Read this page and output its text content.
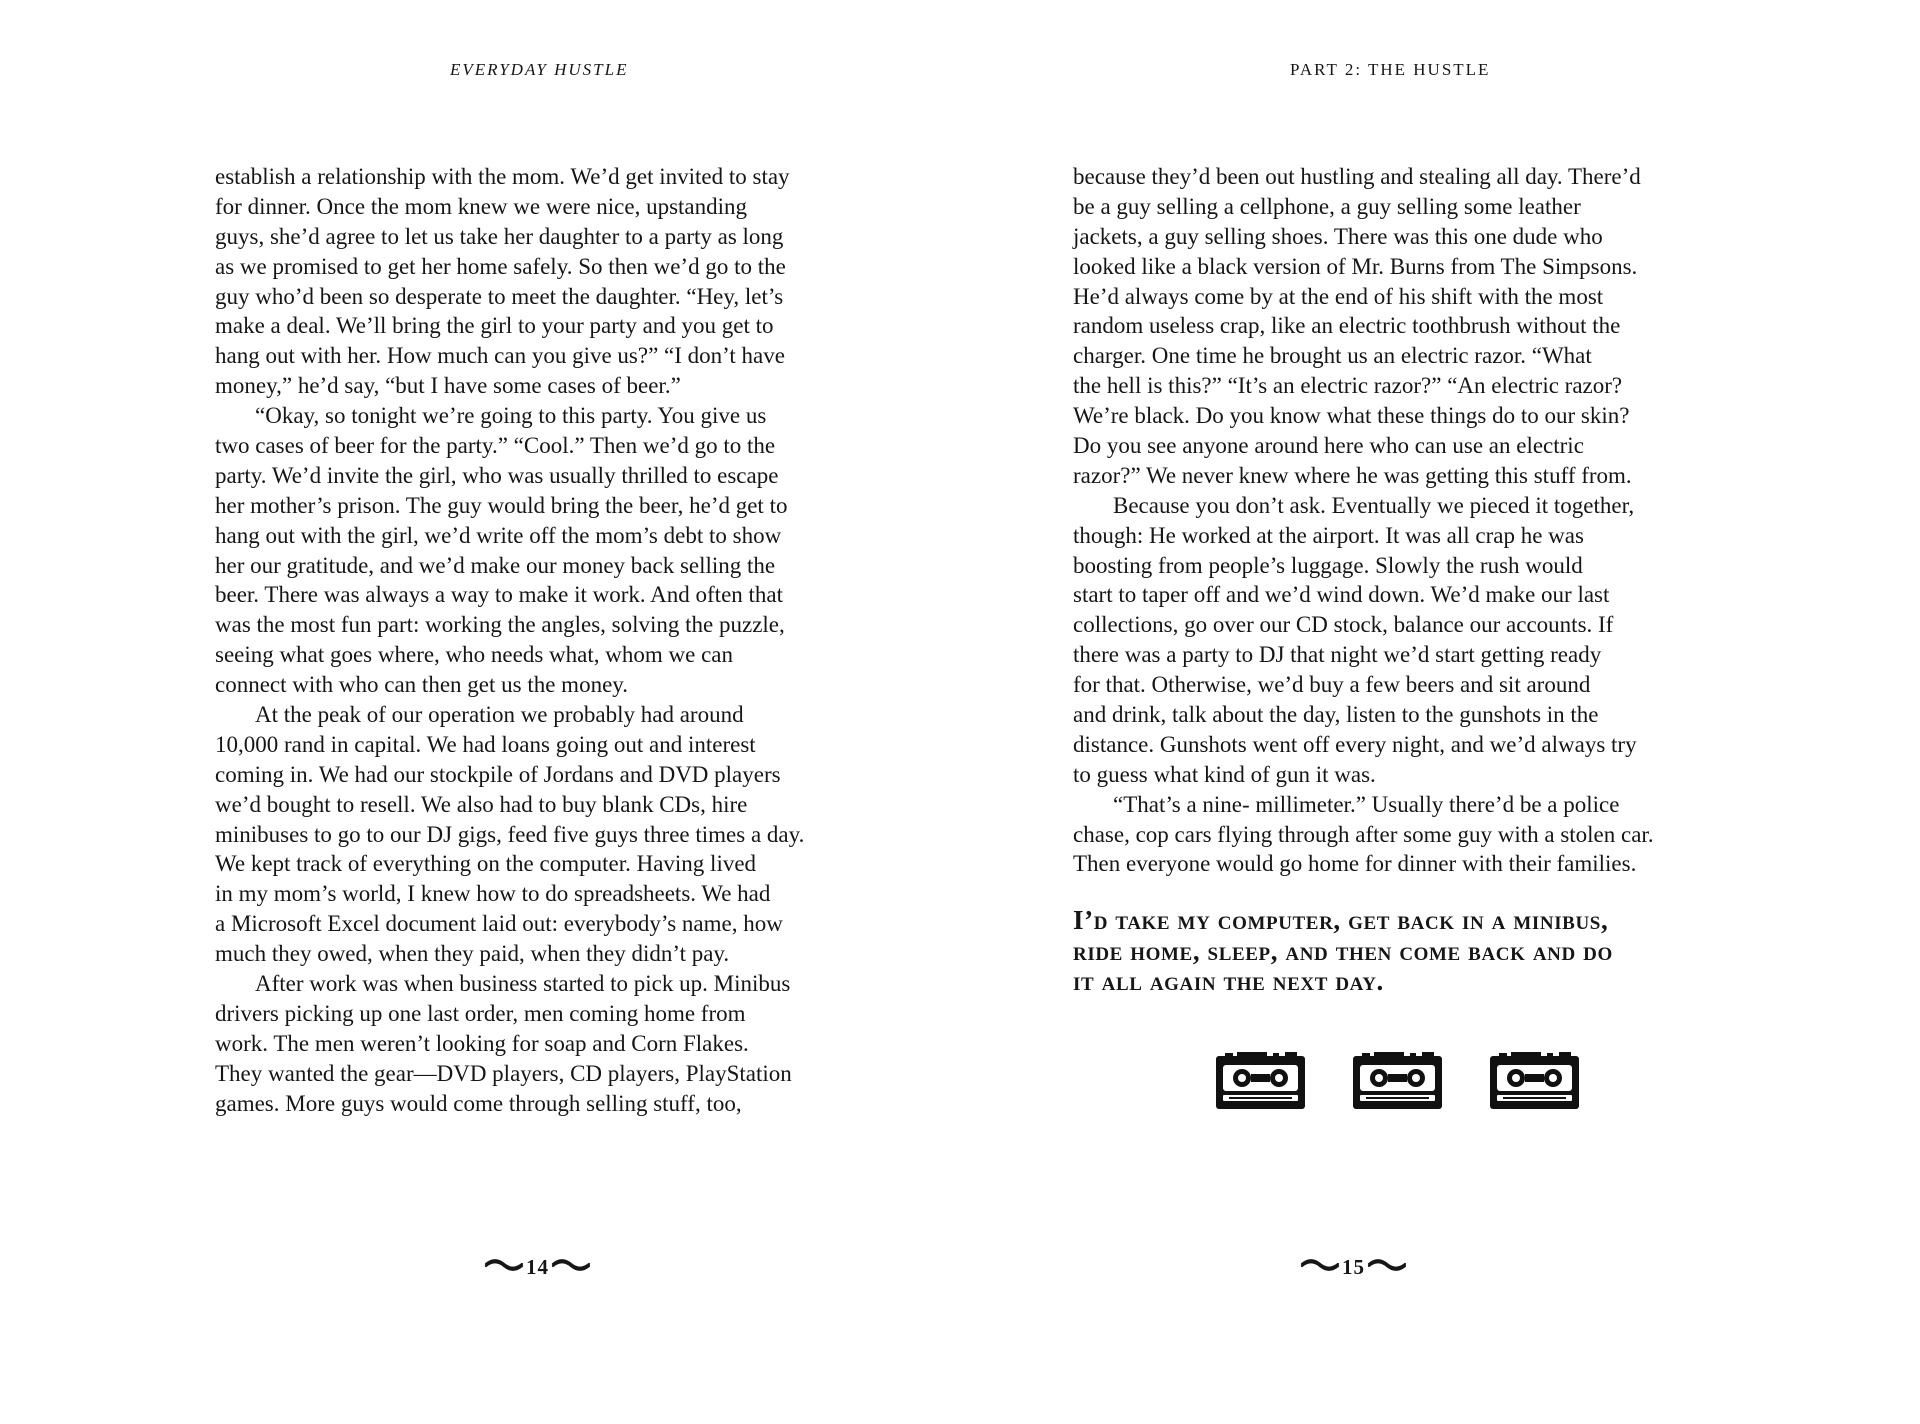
EVERYDAY HUSTLE
establish a relationship with the mom. We’d get invited to stay
for dinner. Once the mom knew we were nice, upstanding
guys, she’d agree to let us take her daughter to a party as long
as we promised to get her home safely. So then we’d go to the
guy who’d been so desperate to meet the daughter. “Hey, let’s
make a deal. We’ll bring the girl to your party and you get to
hang out with her. How much can you give us?” “I don’t have
money,” he’d say, “but I have some cases of beer.”
“Okay, so tonight we’re going to this party. You give us
two cases of beer for the party.” “Cool.” Then we’d go to the
party. We’d invite the girl, who was usually thrilled to escape
her mother’s prison. The guy would bring the beer, he’d get to
hang out with the girl, we’d write off the mom’s debt to show
her our gratitude, and we’d make our money back selling the
beer. There was always a way to make it work. And often that
was the most fun part: working the angles, solving the puzzle,
seeing what goes where, who needs what, whom we can
connect with who can then get us the money.
At the peak of our operation we probably had around
10,000 rand in capital. We had loans going out and interest
coming in. We had our stockpile of Jordans and DVD players
we’d bought to resell. We also had to buy blank CDs, hire
minibuses to go to our DJ gigs, feed five guys three times a day.
We kept track of everything on the computer. Having lived
in my mom’s world, I knew how to do spreadsheets. We had
a Microsoft Excel document laid out: everybody’s name, how
much they owed, when they paid, when they didn’t pay.
After work was when business started to pick up. Minibus
drivers picking up one last order, men coming home from
work. The men weren’t looking for soap and Corn Flakes.
They wanted the gear—DVD players, CD players, PlayStation
games. More guys would come through selling stuff, too,
14
PART 2: THE HUSTLE
because they’d been out hustling and stealing all day. There’d
be a guy selling a cellphone, a guy selling some leather
jackets, a guy selling shoes. There was this one dude who
looked like a black version of Mr. Burns from The Simpsons.
He’d always come by at the end of his shift with the most
random useless crap, like an electric toothbrush without the
charger. One time he brought us an electric razor. “What
the hell is this?” “It’s an electric razor?” “An electric razor?
We’re black. Do you know what these things do to our skin?
Do you see anyone around here who can use an electric
razor?” We never knew where he was getting this stuff from.
Because you don’t ask. Eventually we pieced it together,
though: He worked at the airport. It was all crap he was
boosting from people’s luggage. Slowly the rush would
start to taper off and we’d wind down. We’d make our last
collections, go over our CD stock, balance our accounts. If
there was a party to DJ that night we’d start getting ready
for that. Otherwise, we’d buy a few beers and sit around
and drink, talk about the day, listen to the gunshots in the
distance. Gunshots went off every night, and we’d always try
to guess what kind of gun it was.
“That’s a nine- millimeter.” Usually there’d be a police
chase, cop cars flying through after some guy with a stolen car.
Then everyone would go home for dinner with their families.
I’d take my computer, get back in a minibus,
ride home, sleep, and then come back and do
it all again the next day.
15
